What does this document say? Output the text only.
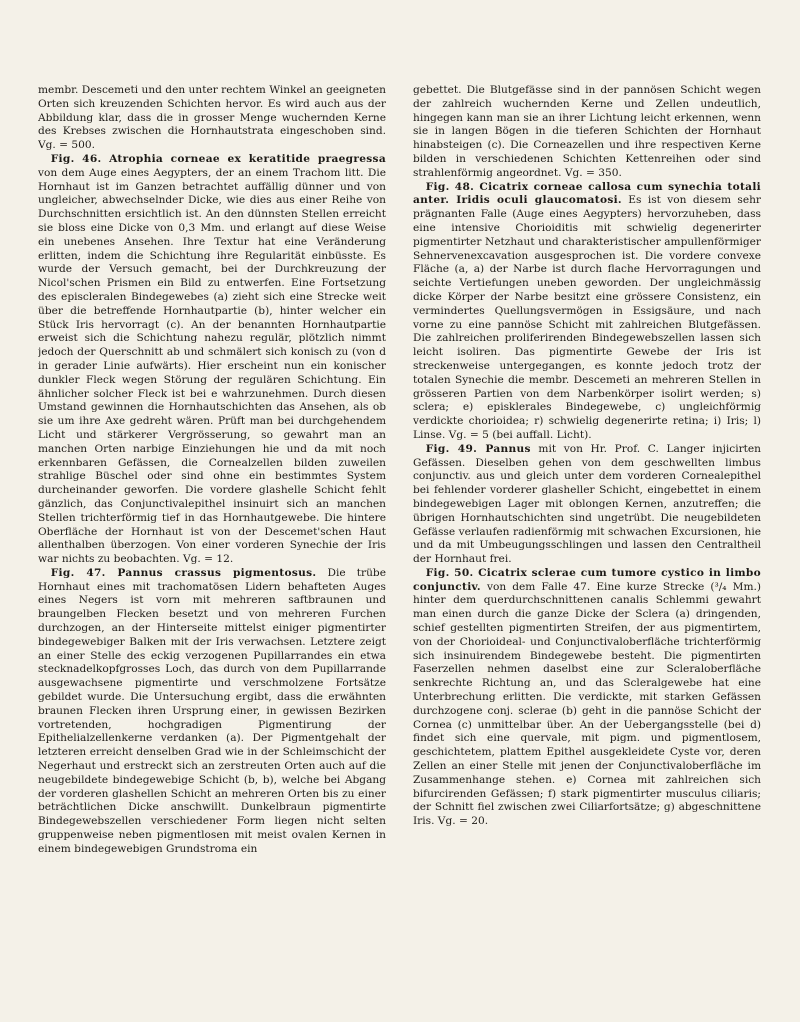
membr. Descemeti und den unter rechtem Winkel an geeigneten Orten sich kreuzenden Schichten hervor. Es wird auch aus der Abbildung klar, dass die in grosser Menge wuchernden Kerne des Krebses zwischen die Hornhautstrata eingeschoben sind. Vg. = 500.

Fig. 46. Atrophia corneae ex keratitide praegressa von dem Auge eines Aegypters, der an einem Trachom litt. Die Hornhaut ist im Ganzen betrachtet auffällig dünner und von ungleicher, abwechselnder Dicke, wie dies aus einer Reihe von Durchschnitten ersichtlich ist. An den dünnsten Stellen erreicht sie bloss eine Dicke von 0,3 Mm. und erlangt auf diese Weise ein unebenes Ansehen. Ihre Textur hat eine Veränderung erlitten, indem die Schichtung ihre Regularität einbüsste. Es wurde der Versuch gemacht, bei der Durchkreuzung der Nicol'schen Prismen ein Bild zu entwerfen. Eine Fortsetzung des episcleralen Bindegewebes (a) zieht sich eine Strecke weit über die betreffende Hornhautpartie (b), hinter welcher ein Stück Iris hervorragt (c). An der benannten Hornhautpartie erweist sich die Schichtung nahezu regulär, plötzlich nimmt jedoch der Querschnitt ab und schmälert sich konisch zu (von d in gerader Linie aufwärts). Hier erscheint nun ein konischer dunkler Fleck wegen Störung der regulären Schichtung. Ein ähnlicher solcher Fleck ist bei e wahrzunehmen. Durch diesen Umstand gewinnen die Hornhautschichten das Ansehen, als ob sie um ihre Axe gedreht wären. Prüft man bei durchgehendem Licht und stärkerer Vergrösserung, so gewahrt man an manchen Orten narbige Einziehungen hie und da mit noch erkennbaren Gefässen, die Cornealzellen bilden zuweilen strahlige Büschel oder sind ohne ein bestimmtes System durcheinander geworfen. Die vordere glashelle Schicht fehlt gänzlich, das Conjunctivalepithel insinuirt sich an manchen Stellen trichterförmig tief in das Hornhautgewebe. Die hintere Oberfläche der Hornhaut ist von der Descemet'schen Haut allenthalben überzogen. Von einer vorderen Synechie der Iris war nichts zu beobachten. Vg. = 12.

Fig. 47. Pannus crassus pigmentosus. Die trübe Hornhaut eines mit trachomatösen Lidern behafteten Auges eines Negers ist vorn mit mehreren saftbraunen und braungelben Flecken besetzt und von mehreren Furchen durchzogen, an der Hinterseite mittelst einiger pigmentirter bindegewebiger Balken mit der Iris verwachsen. Letztere zeigt an einer Stelle des eckig verzogenen Pupillarrandes ein etwa stecknadelkopfgrosses Loch, das durch von dem Pupillarrande ausgewachsene pigmentirte und verschmolzene Fortsätze gebildet wurde. Die Untersuchung ergibt, dass die erwähnten braunen Flecken ihren Ursprung einer, in gewissen Bezirken vortretenden, hochgradigen Pigmentirung der Epithelialzellenkerne verdanken (a). Der Pigmentgehalt der letzteren erreicht denselben Grad wie in der Schleimschicht der Negerhaut und erstreckt sich an zerstreuten Orten auch auf die neugebildete bindegewebige Schicht (b, b), welche bei Abgang der vorderen glashellen Schicht an mehreren Orten bis zu einer beträchtlichen Dicke anschwillt. Dunkelbraun pigmentirte Bindegewebszellen verschiedener Form liegen nicht selten gruppenweise neben pigmentlosen mit meist ovalen Kernen in einem bindegewebigen Grundstroma ein

gebettet. Die Blutgefässe sind in der pannösen Schicht wegen der zahlreich wuchernden Kerne und Zellen undeutlich, hingegen kann man sie an ihrer Lichtung leicht erkennen, wenn sie in langen Bögen in die tieferen Schichten der Hornhaut hinabsteigen (c). Die Corneazellen und ihre respectiven Kerne bilden in verschiedenen Schichten Kettenreihen oder sind strahlenförmig angeordnet. Vg. = 350.

Fig. 48. Cicatrix corneae callosa cum synechia totali anter. Iridis oculi glaucomatosi. Es ist von diesem sehr prägnanten Falle (Auge eines Aegypters) hervorzuheben, dass eine intensive Chorioiditis mit schwielig degenerirter pigmentirter Netzhaut und charakteristischer ampullenförmiger Sehnervenexcavation ausgesprochen ist. Die vordere convexe Fläche (a, a) der Narbe ist durch flache Hervorragungen und seichte Vertiefungen uneben geworden. Der ungleichmässig dicke Körper der Narbe besitzt eine grössere Consistenz, ein vermindertes Quellungsvermögen in Essigsäure, und nach vorne zu eine pannöse Schicht mit zahlreichen Blutgefässen. Die zahlreichen proliferirenden Bindegewebszellen lassen sich leicht isoliren. Das pigmentirte Gewebe der Iris ist streckenweise untergegangen, es konnte jedoch trotz der totalen Synechie die membr. Descemeti an mehreren Stellen in grösseren Partien von dem Narbenkörper isolirt werden; s) sclera; e) episklerales Bindegewebe, c) ungleichförmig verdickte chorioidea; r) schwielig degenerirte retina; i) Iris; l) Linse. Vg. = 5 (bei auffall. Licht).

Fig. 49. Pannus mit von Hr. Prof. C. Langer injicirten Gefässen. Dieselben gehen von dem geschwellten limbus conjunctiv. aus und gleich unter dem vorderen Cornealepithel bei fehlender vorderer glasheller Schicht, eingebettet in einem bindegewebigen Lager mit oblongen Kernen, anzutreffen; die übrigen Hornhautschichten sind ungetrübt. Die neugebildeten Gefässe verlaufen radienförmig mit schwachen Excursionen, hie und da mit Umbeugungsschlingen und lassen den Centraltheil der Hornhaut frei.

Fig. 50. Cicatrix sclerae cum tumore cystico in limbo conjunctiv. von dem Falle 47. Eine kurze Strecke (³/₄ Mm.) hinter dem querdurchschnittenen canalis Schlemmi gewahrt man einen durch die ganze Dicke der Sclera (a) dringenden, schief gestellten pigmentirten Streifen, der aus pigmentirtem, von der Chorioideal- und Conjunctivaloberfläche trichterförmig sich insinuirendem Bindegewebe besteht. Die pigmentirten Faserzellen nehmen daselbst eine zur Scleraloberfläche senkrechte Richtung an, und das Scleralgewebe hat eine Unterbrechung erlitten. Die verdickte, mit starken Gefässen durchzogene conj. sclerae (b) geht in die pannöse Schicht der Cornea (c) unmittelbar über. An der Uebergangsstelle (bei d) findet sich eine quervale, mit pigm. und pigmentlosem, geschichtetem, plattem Epithel ausgekleidete Cyste vor, deren Zellen an einer Stelle mit jenen der Conjunctivaloberfläche im Zusammenhange stehen. e) Cornea mit zahlreichen sich bifurcirenden Gefässen; f) stark pigmentirter musculus ciliaris; der Schnitt fiel zwischen zwei Ciliarfortsätze; g) abgeschnittene Iris. Vg. = 20.
